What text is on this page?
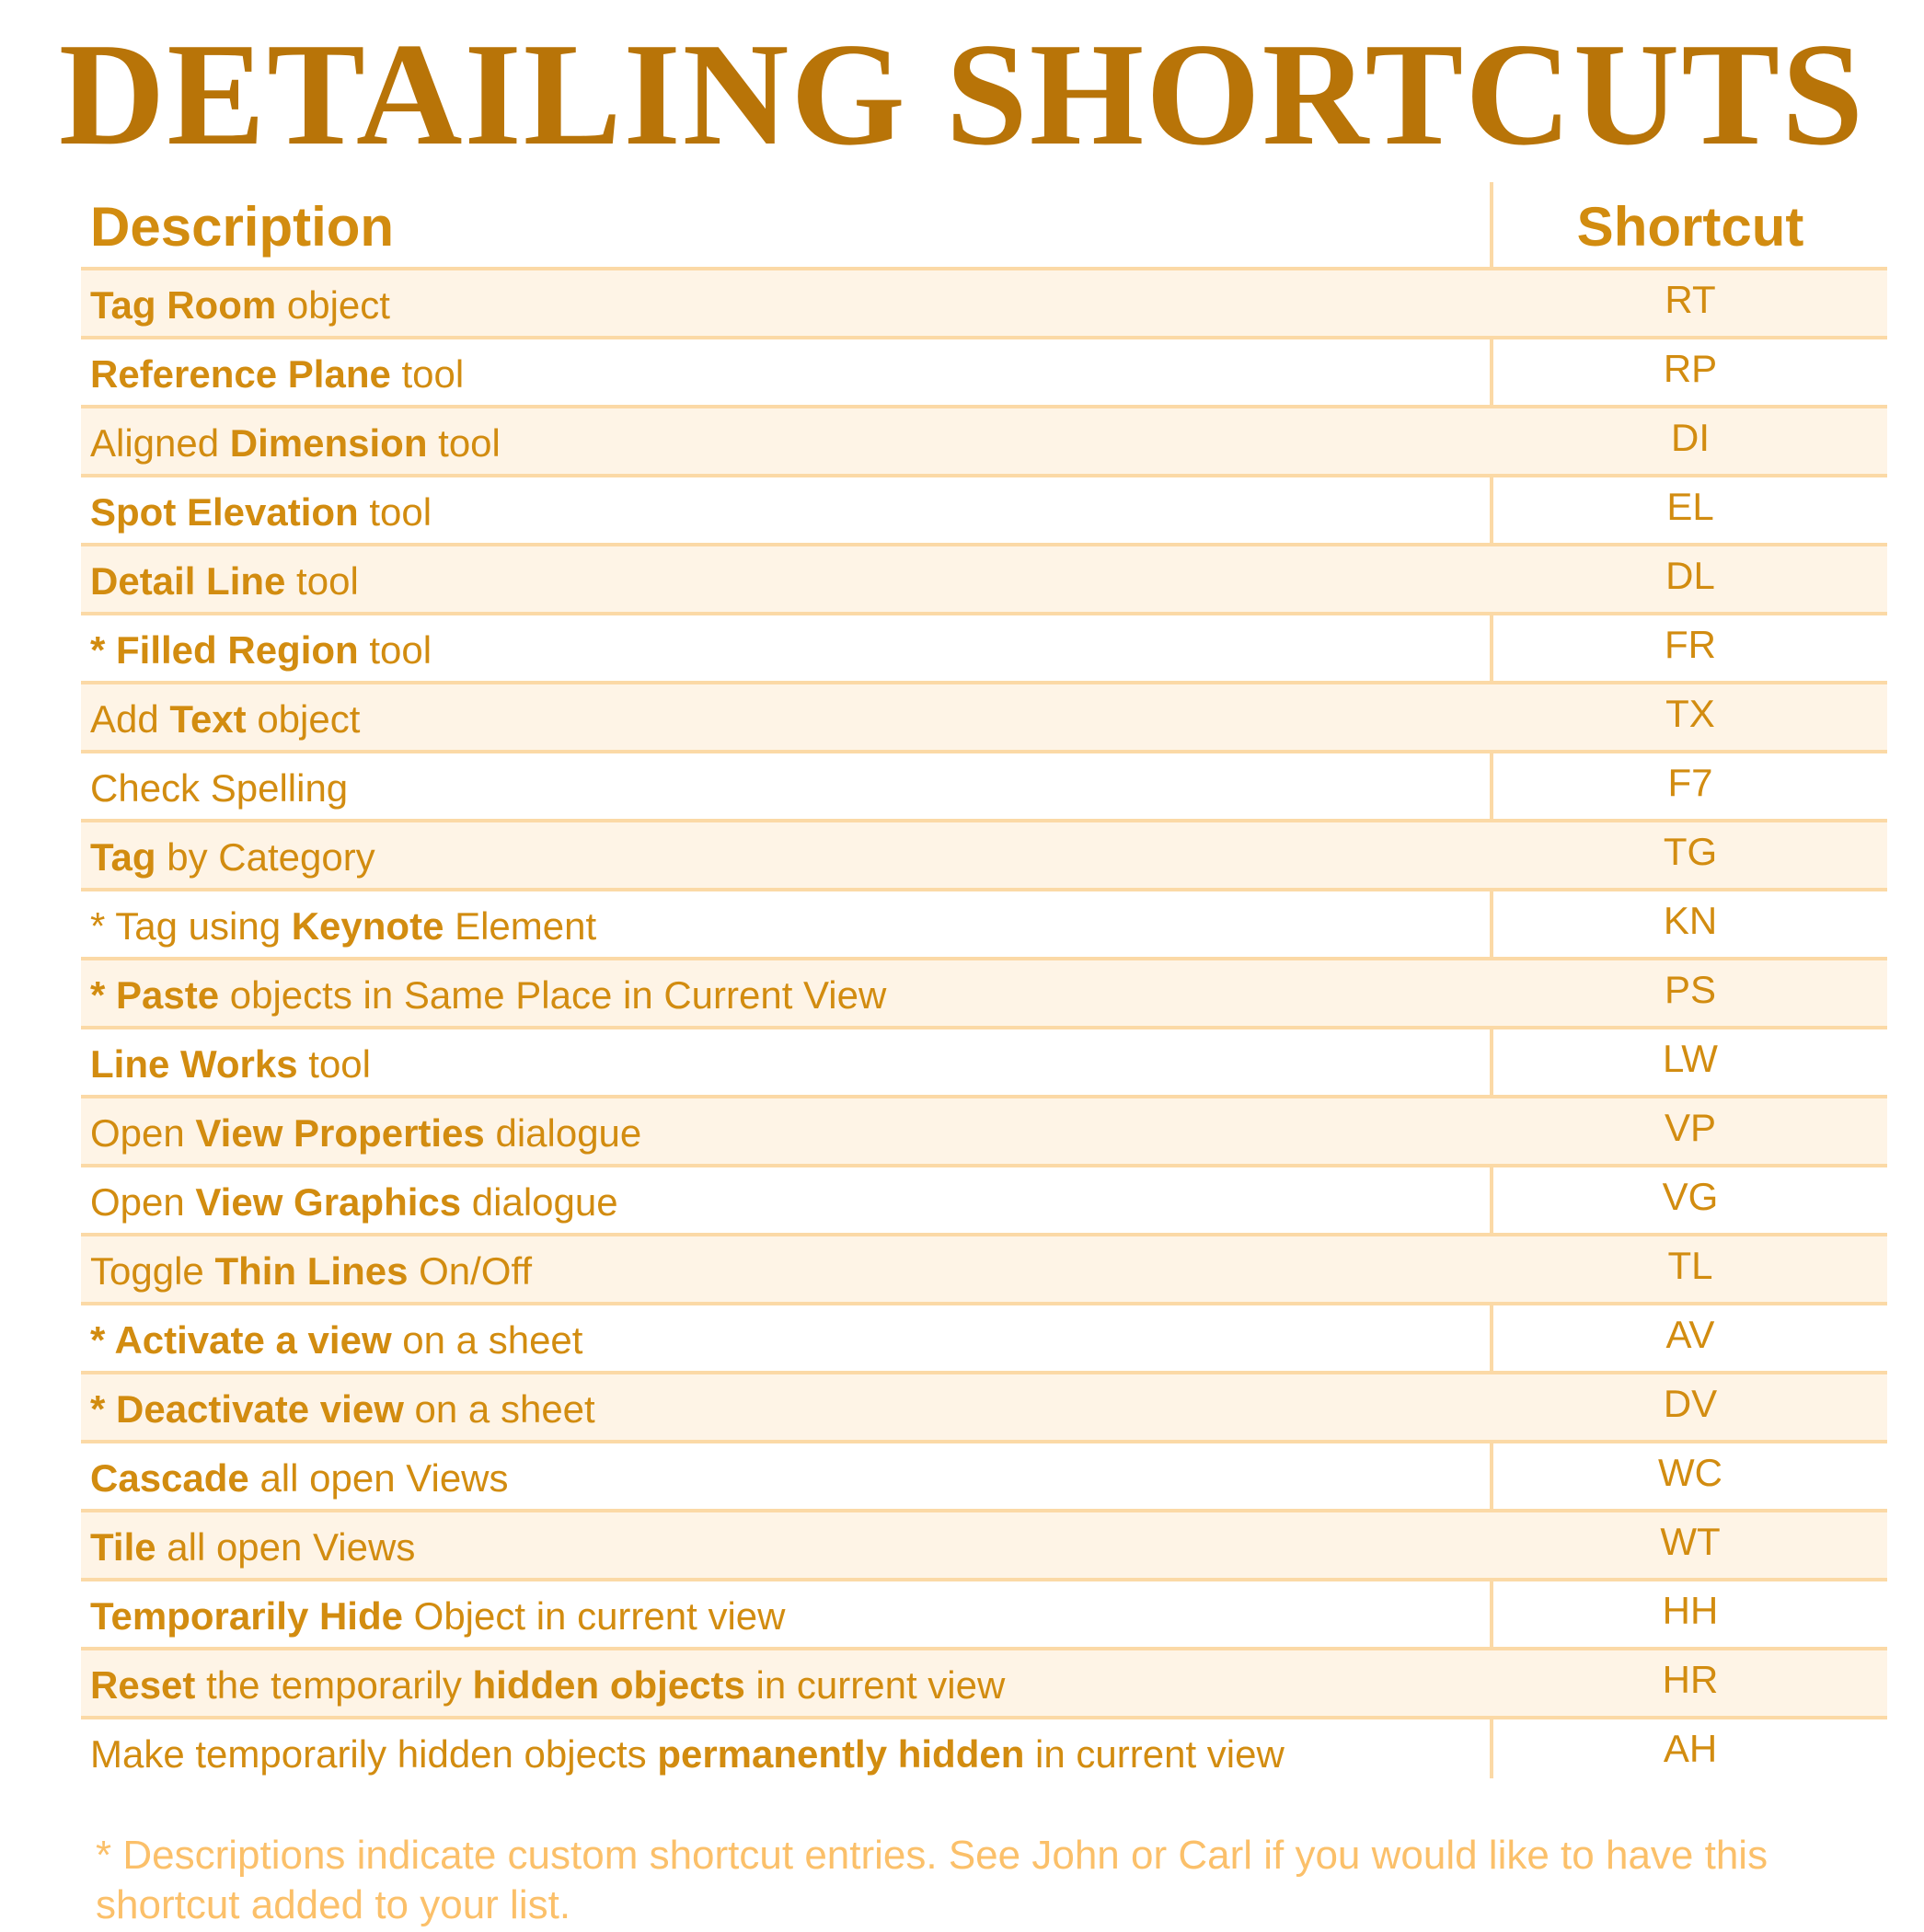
DETAILING SHORTCUTS
Description	Shortcut
Tag Room object	RT
Reference Plane tool	RP
Aligned Dimension tool	DI
Spot Elevation tool	EL
Detail Line tool	DL
* Filled Region tool	FR
Add Text object	TX
Check Spelling	F7
Tag by Category	TG
* Tag using Keynote Element	KN
* Paste objects in Same Place in Current View	PS
Line Works tool	LW
Open View Properties dialogue	VP
Open View Graphics dialogue	VG
Toggle Thin Lines On/Off	TL
* Activate a view on a sheet	AV
* Deactivate view on a sheet	DV
Cascade all open Views	WC
Tile all open Views	WT
Temporarily Hide Object in current view	HH
Reset the temporarily hidden objects in current view	HR
Make temporarily hidden objects permanently hidden in current view	AH
* Descriptions indicate custom shortcut entries. See John or Carl if you would like to have this shortcut added to your list.
